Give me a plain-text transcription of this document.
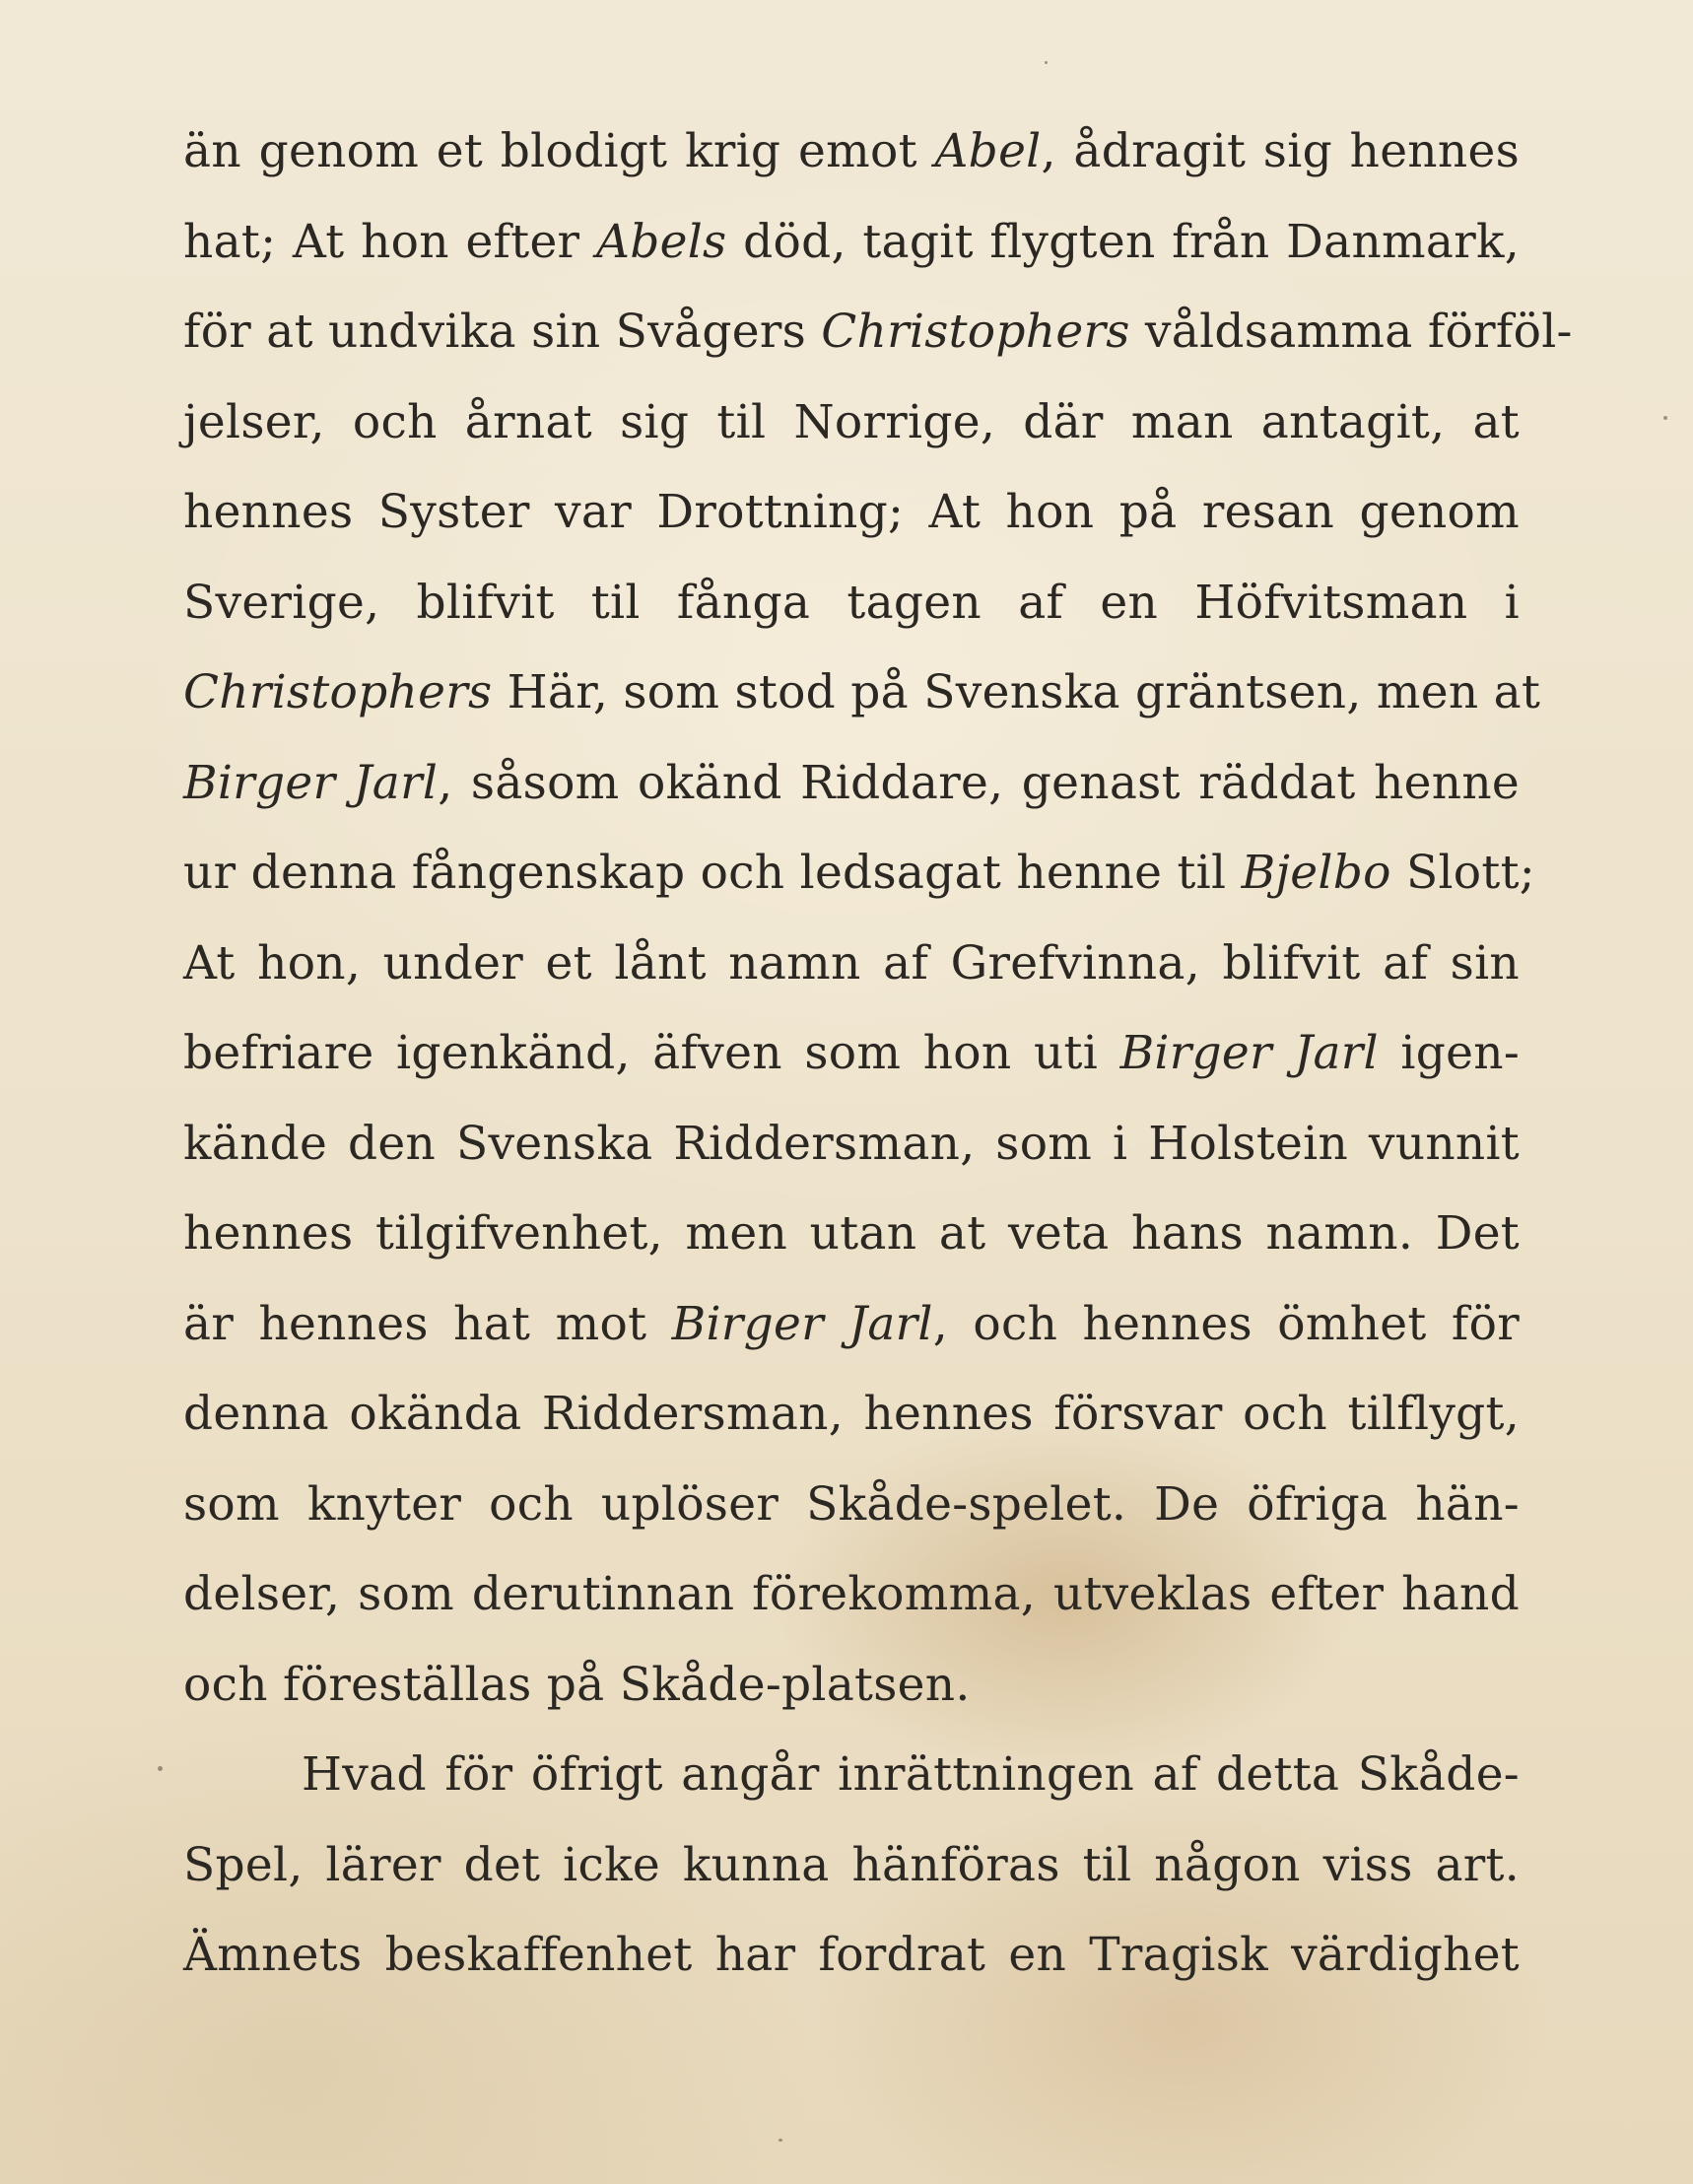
än genom et blodigt krig emot Abel, ådragit sig hennes
hat; At hon efter Abels död, tagit flygten från Danmark,
för at undvika sin Svågers Christophers våldsamma förföl-
jelser, och årnat sig til Norrige, där man antagit, at
hennes Syster var Drottning; At hon på resan genom
Sverige, blifvit til fånga tagen af en Höfvitsman i
Christophers Här, som stod på Svenska gräntsen, men at
Birger Jarl, såsom okänd Riddare, genast räddat henne
ur denna fångenskap och ledsagat henne til Bjelbo Slott;
At hon, under et lånt namn af Grefvinna, blifvit af sin
befriare igenkänd, äfven som hon uti Birger Jarl igen-
kände den Svenska Riddersman, som i Holstein vunnit
hennes tilgifvenhet, men utan at veta hans namn. Det
är hennes hat mot Birger Jarl, och hennes ömhet för
denna okända Riddersman, hennes försvar och tilflygt,
som knyter och uplöser Skåde-spelet. De öfriga hän-
delser, som derutinnan förekomma, utveklas efter hand
och föreställas på Skåde-platsen.
Hvad för öfrigt angår inrättningen af detta Skåde-
Spel, lärer det icke kunna hänföras til någon viss art.
Ämnets beskaffenhet har fordrat en Tragisk värdighet
